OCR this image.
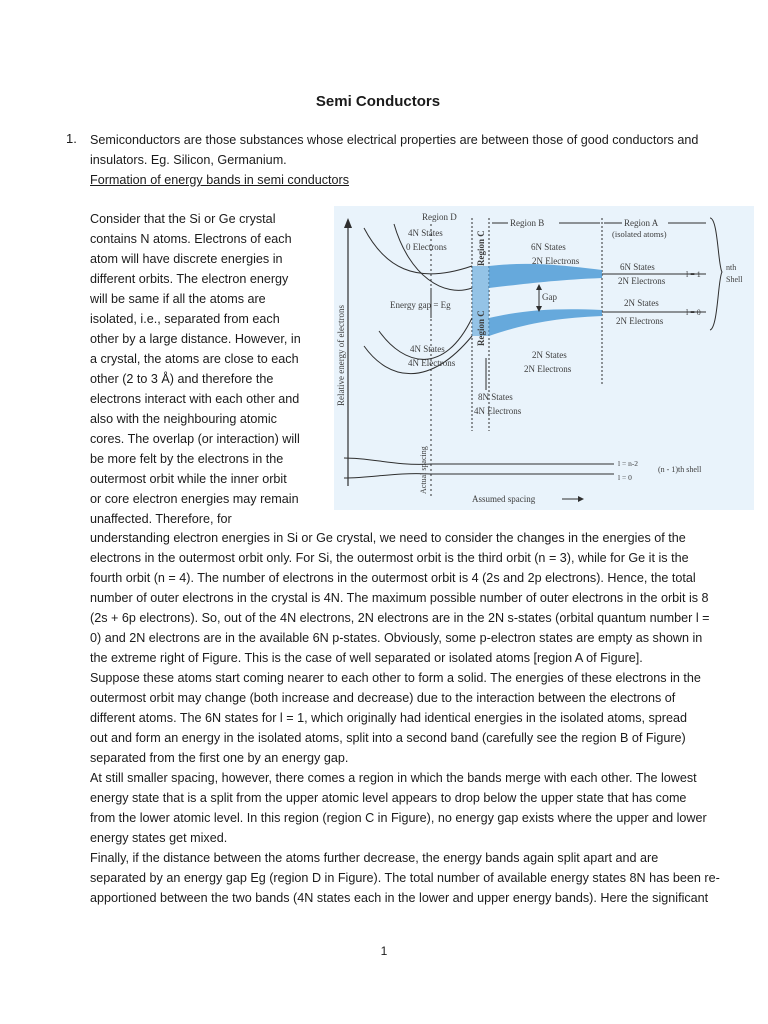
Semi Conductors
1. Semiconductors are those substances whose electrical properties are between those of good conductors and
insulators. Eg. Silicon, Germanium.
Formation of energy bands in semi conductors
Consider that the Si or Ge crystal
contains N atoms. Electrons of each
atom will have discrete energies in
different orbits. The electron energy
will be same if all the atoms are
isolated, i.e., separated from each
other by a large distance. However, in
a crystal, the atoms are close to each
other (2 to 3 Å) and therefore the
electrons interact with each other and
also with the neighbouring atomic
cores. The overlap (or interaction) will
be more felt by the electrons in the
outermost orbit while the inner orbit
or core electron energies may remain
unaffected. Therefore, for
Relative energy of electrons
Region D
4N States
0 Electrons	Region C
Region C
Region B	Region A
(isolated atoms)
6N States
2N Electrons
Gap
6N States
2N Electrons
2N States
2N Electrons
l = 1
l = 0
nth
Shell
Energy gap = Eg
4N States
4N Electrons
2N States
2N Electrons
8N States
4N Electrons
l = n-2
l = 0
(n - 1)th shell
Actual spacing
Assumed spacing
understanding electron energies in Si or Ge crystal, we need to consider the changes in the energies of the
electrons in the outermost orbit only. For Si, the outermost orbit is the third orbit (n = 3), while for Ge it is the
fourth orbit (n = 4). The number of electrons in the outermost orbit is 4 (2s and 2p electrons). Hence, the total
number of outer electrons in the crystal is 4N. The maximum possible number of outer electrons in the orbit is 8
(2s + 6p electrons). So, out of the 4N electrons, 2N electrons are in the 2N s-states (orbital quantum number l =
0) and 2N electrons are in the available 6N p-states. Obviously, some p-electron states are empty as shown in
the extreme right of Figure. This is the case of well separated or isolated atoms [region A of Figure].
Suppose these atoms start coming nearer to each other to form a solid. The energies of these electrons in the
outermost orbit may change (both increase and decrease) due to the interaction between the electrons of
different atoms. The 6N states for l = 1, which originally had identical energies in the isolated atoms, spread
out and form an energy in the isolated atoms, split into a second band (carefully see the region B of Figure)
separated from the first one by an energy gap.
At still smaller spacing, however, there comes a region in which the bands merge with each other. The lowest
energy state that is a split from the upper atomic level appears to drop below the upper state that has come
from the lower atomic level. In this region (region C in Figure), no energy gap exists where the upper and lower
energy states get mixed.
Finally, if the distance between the atoms further decrease, the energy bands again split apart and are
separated by an energy gap Eg (region D in Figure). The total number of available energy states 8N has been re-
apportioned between the two bands (4N states each in the lower and upper energy bands). Here the significant
1
